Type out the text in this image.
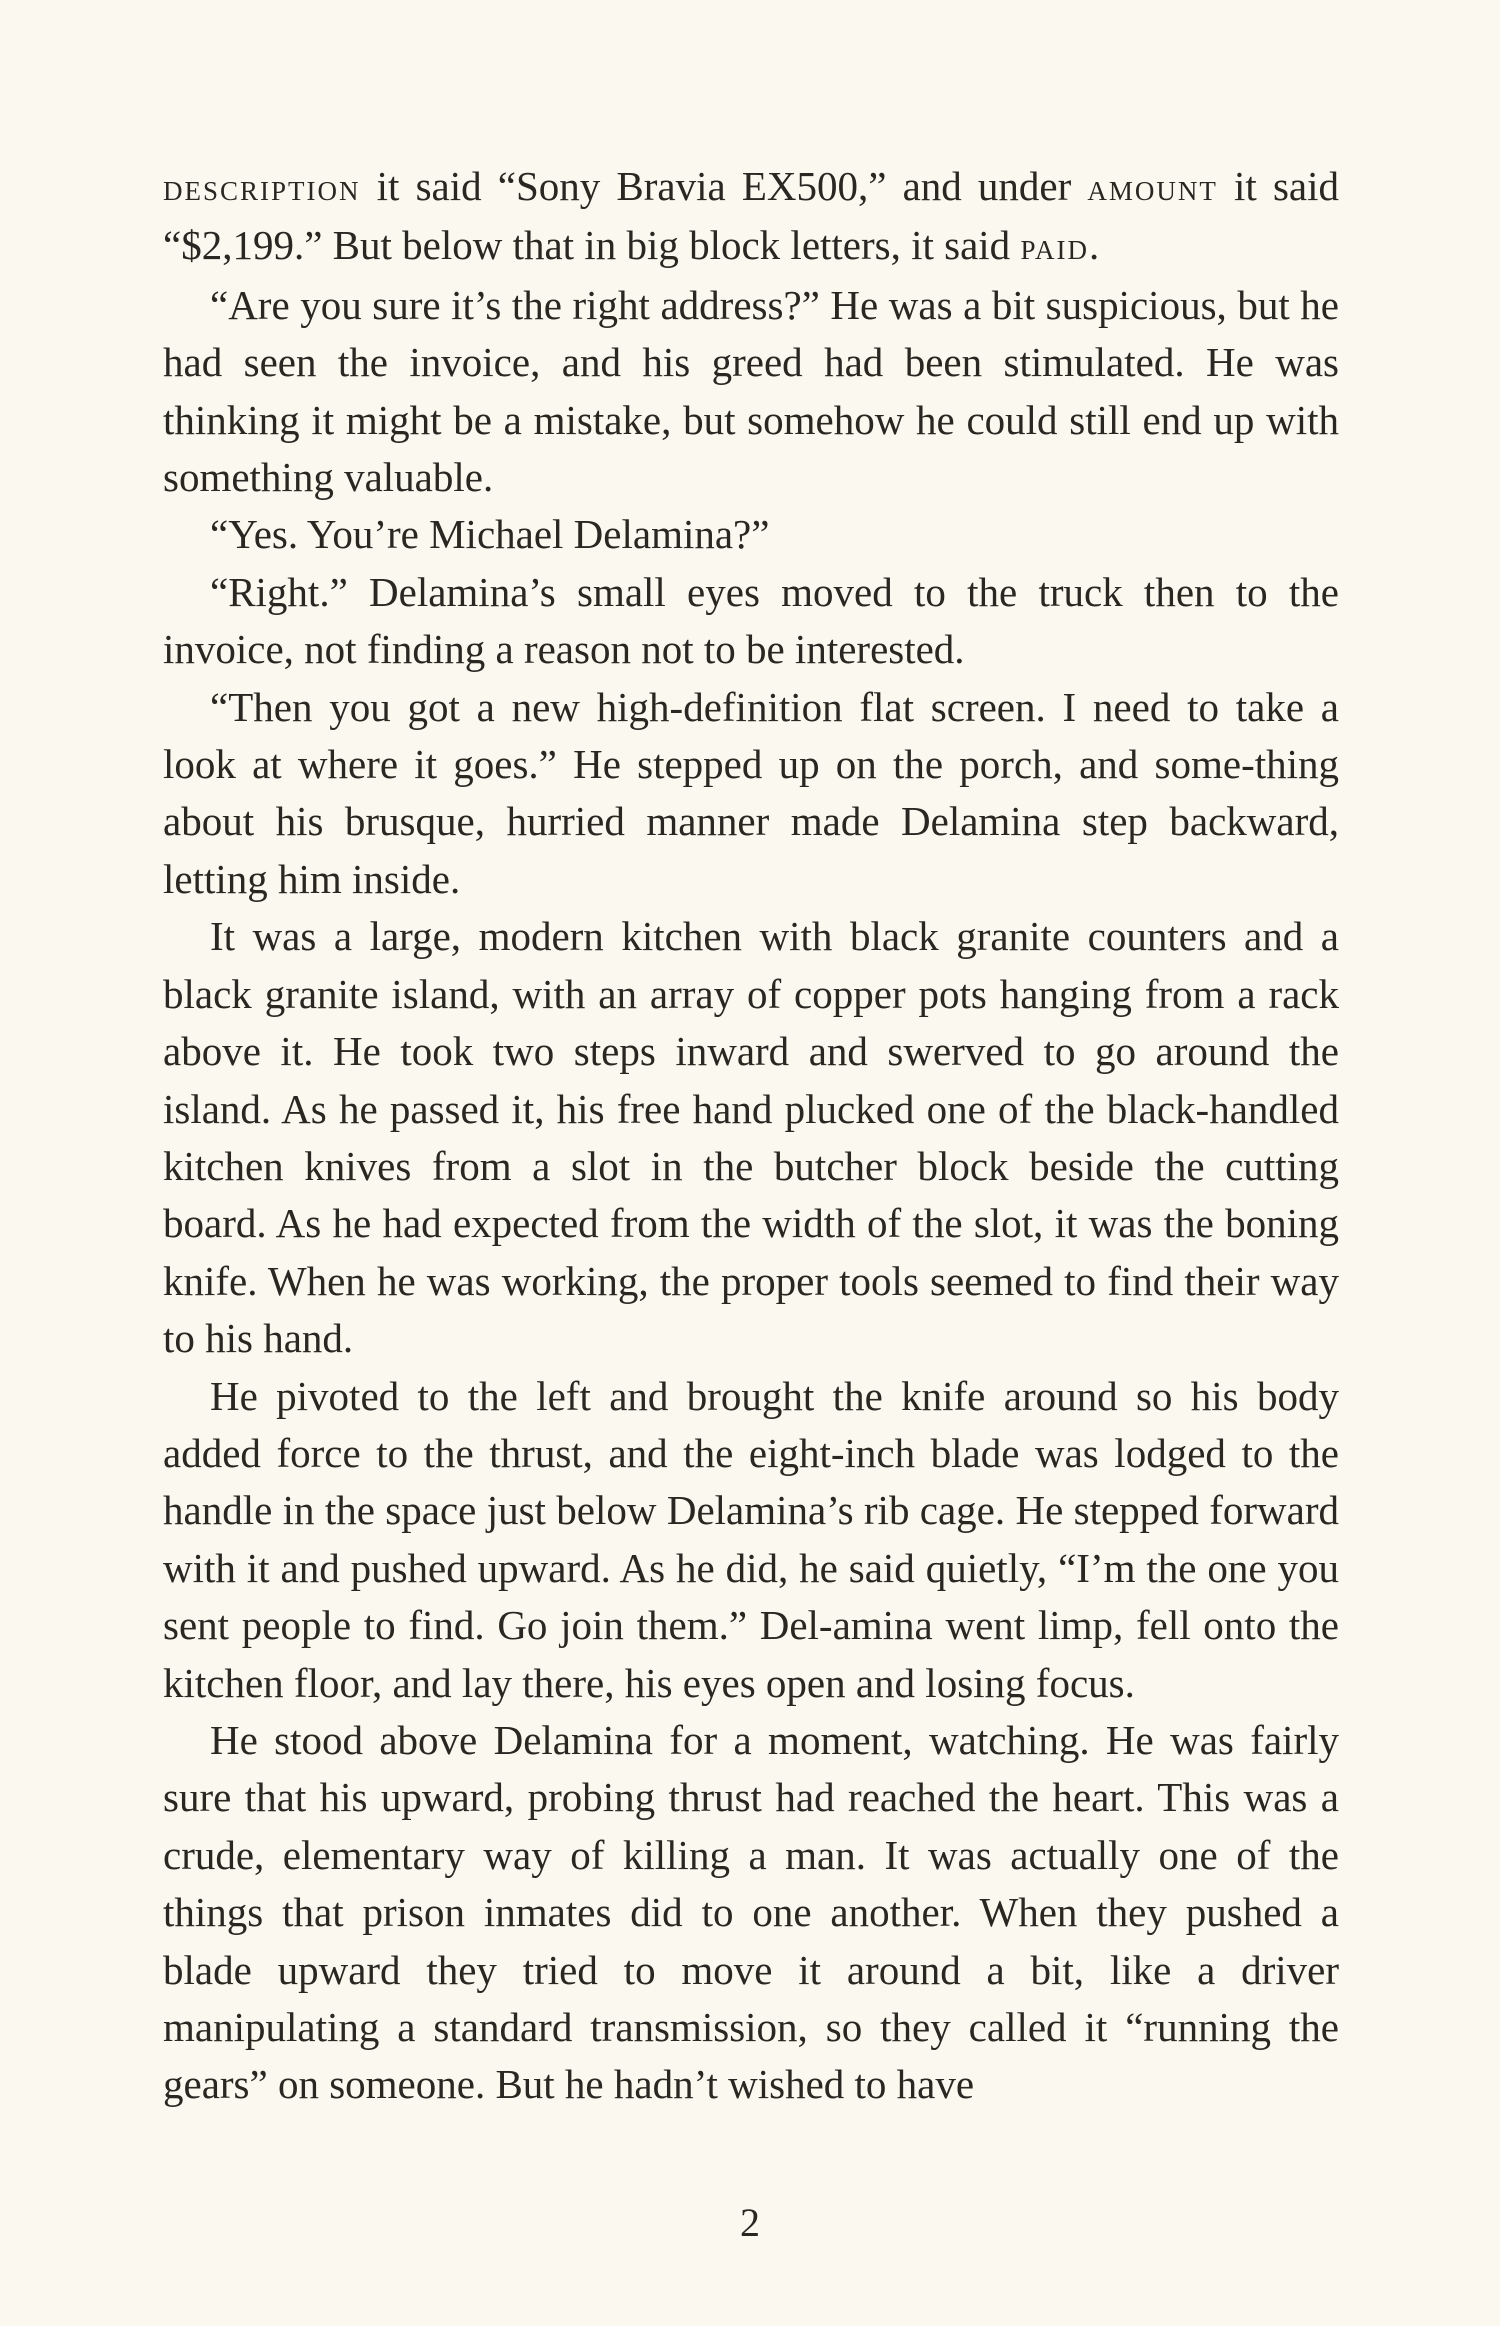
description it said “Sony Bravia EX500,” and under amount it said “$2,199.” But below that in big block letters, it said paid.

“Are you sure it’s the right address?” He was a bit suspicious, but he had seen the invoice, and his greed had been stimulated. He was thinking it might be a mistake, but somehow he could still end up with something valuable.

“Yes. You’re Michael Delamina?”

“Right.” Delamina’s small eyes moved to the truck then to the invoice, not finding a reason not to be interested.

“Then you got a new high-definition flat screen. I need to take a look at where it goes.” He stepped up on the porch, and some-thing about his brusque, hurried manner made Delamina step backward, letting him inside.

It was a large, modern kitchen with black granite counters and a black granite island, with an array of copper pots hanging from a rack above it. He took two steps inward and swerved to go around the island. As he passed it, his free hand plucked one of the black-handled kitchen knives from a slot in the butcher block beside the cutting board. As he had expected from the width of the slot, it was the boning knife. When he was working, the proper tools seemed to find their way to his hand.

He pivoted to the left and brought the knife around so his body added force to the thrust, and the eight-inch blade was lodged to the handle in the space just below Delamina’s rib cage. He stepped forward with it and pushed upward. As he did, he said quietly, “I’m the one you sent people to find. Go join them.” Del-amina went limp, fell onto the kitchen floor, and lay there, his eyes open and losing focus.

He stood above Delamina for a moment, watching. He was fairly sure that his upward, probing thrust had reached the heart. This was a crude, elementary way of killing a man. It was actually one of the things that prison inmates did to one another. When they pushed a blade upward they tried to move it around a bit, like a driver manipulating a standard transmission, so they called it “running the gears” on someone. But he hadn’t wished to have

2
